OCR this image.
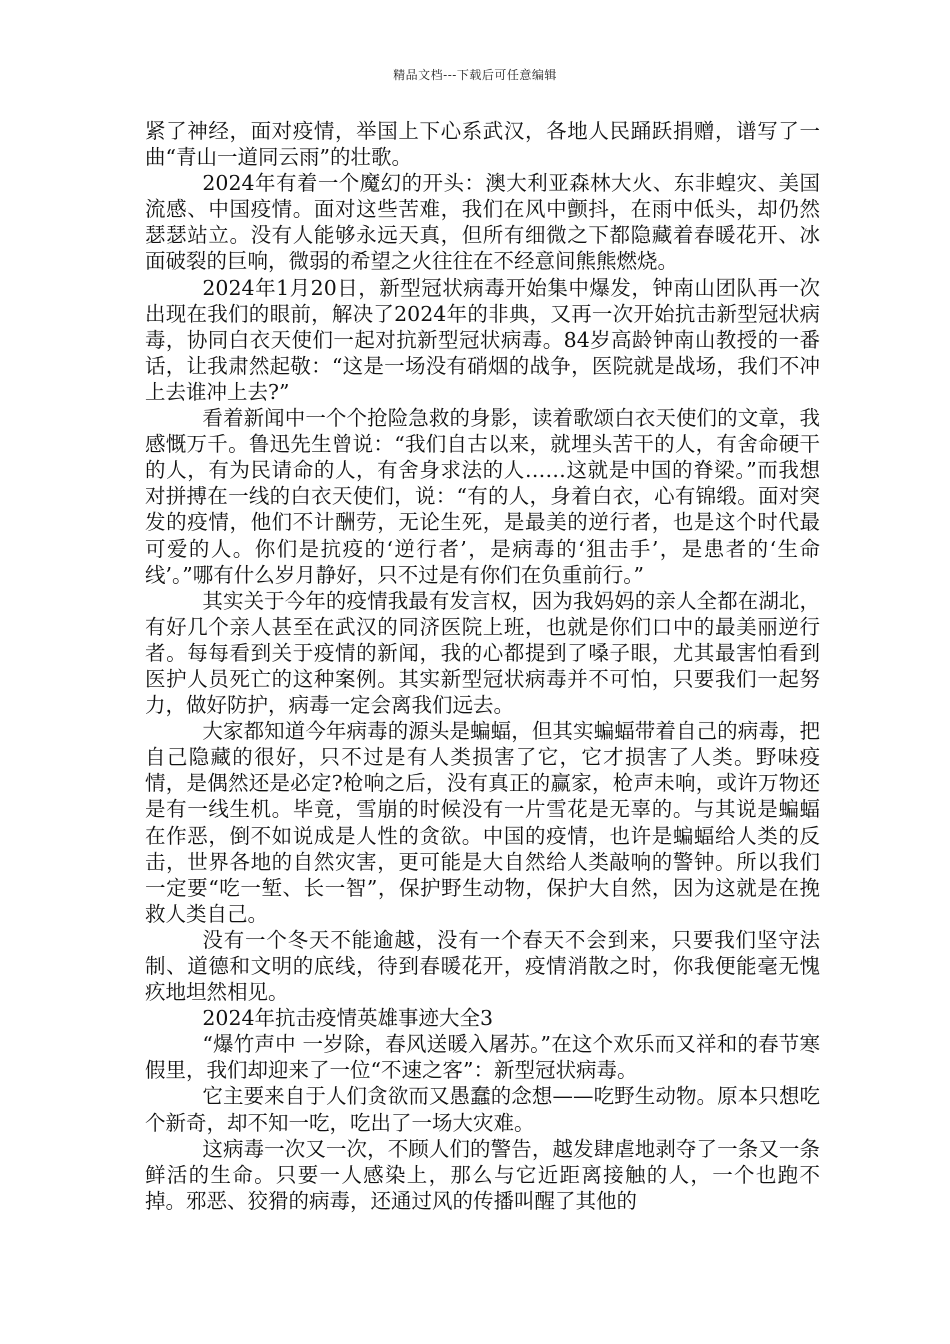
精品文档---下载后可任意编辑

紧了神经，面对疫情，举国上下心系武汉，各地人民踊跃捐赠，谱写了一曲“青山一道同云雨”的壮歌。

2024年有着一个魔幻的开头：澳大利亚森林大火、东非蝗灾、美国流感、中国疫情。面对这些苦难，我们在风中颤抖，在雨中低头，却仍然瑟瑟站立。没有人能够永远天真，但所有细微之下都隐藏着春暖花开、冰面破裂的巨响，微弱的希望之火往往在不经意间熊熊燃烧。

2024年1月20日，新型冠状病毒开始集中爆发，钟南山团队再一次出现在我们的眼前，解决了2024年的非典，又再一次开始抗击新型冠状病毒，协同白衣天使们一起对抗新型冠状病毒。84岁高龄钟南山教授的一番话，让我肃然起敬：“这是一场没有硝烟的战争，医院就是战场，我们不冲上去谁冲上去?”

看着新闻中一个个抢险急救的身影，读着歌颂白衣天使们的文章，我感慨万千。鲁迅先生曾说：“我们自古以来，就埋头苦干的人，有舍命硬干的人，有为民请命的人，有舍身求法的人……这就是中国的脊梁。”而我想对拼搏在一线的白衣天使们，说：“有的人，身着白衣，心有锦缎。面对突发的疫情，他们不计酬劳，无论生死，是最美的逆行者，也是这个时代最可爱的人。你们是抗疫的‘逆行者’，是病毒的‘狙击手’，是患者的‘生命线’。”哪有什么岁月静好，只不过是有你们在负重前行。”

其实关于今年的疫情我最有发言权，因为我妈妈的亲人全都在湖北，有好几个亲人甚至在武汉的同济医院上班，也就是你们口中的最美丽逆行者。每每看到关于疫情的新闻，我的心都提到了嗓子眼，尤其最害怕看到医护人员死亡的这种案例。其实新型冠状病毒并不可怕，只要我们一起努力，做好防护，病毒一定会离我们远去。

大家都知道今年病毒的源头是蝙蝠，但其实蝙蝠带着自己的病毒，把自己隐藏的很好，只不过是有人类损害了它，它才损害了人类。野味疫情，是偶然还是必定?枪响之后，没有真正的赢家，枪声未响，或许万物还是有一线生机。毕竟，雪崩的时候没有一片雪花是无辜的。与其说是蝙蝠在作恶，倒不如说成是人性的贪欲。中国的疫情，也许是蝙蝠给人类的反击，世界各地的自然灾害，更可能是大自然给人类敲响的警钟。所以我们一定要“吃一堑、长一智”，保护野生动物，保护大自然，因为这就是在挽救人类自己。

没有一个冬天不能逾越，没有一个春天不会到来，只要我们坚守法制、道德和文明的底线，待到春暖花开，疫情消散之时，你我便能毫无愧疚地坦然相见。

2024年抗击疫情英雄事迹大全3

“爆竹声中 一岁除，春风送暖入屠苏。”在这个欢乐而又祥和的春节寒假里，我们却迎来了一位“不速之客”：新型冠状病毒。

它主要来自于人们贪欲而又愚蠢的念想——吃野生动物。原本只想吃个新奇，却不知一吃，吃出了一场大灾难。

这病毒一次又一次，不顾人们的警告，越发肆虐地剥夺了一条又一条鲜活的生命。只要一人感染上，那么与它近距离接触的人，一个也跑不掉。邪恶、狡猾的病毒，还通过风的传播叫醒了其他的
